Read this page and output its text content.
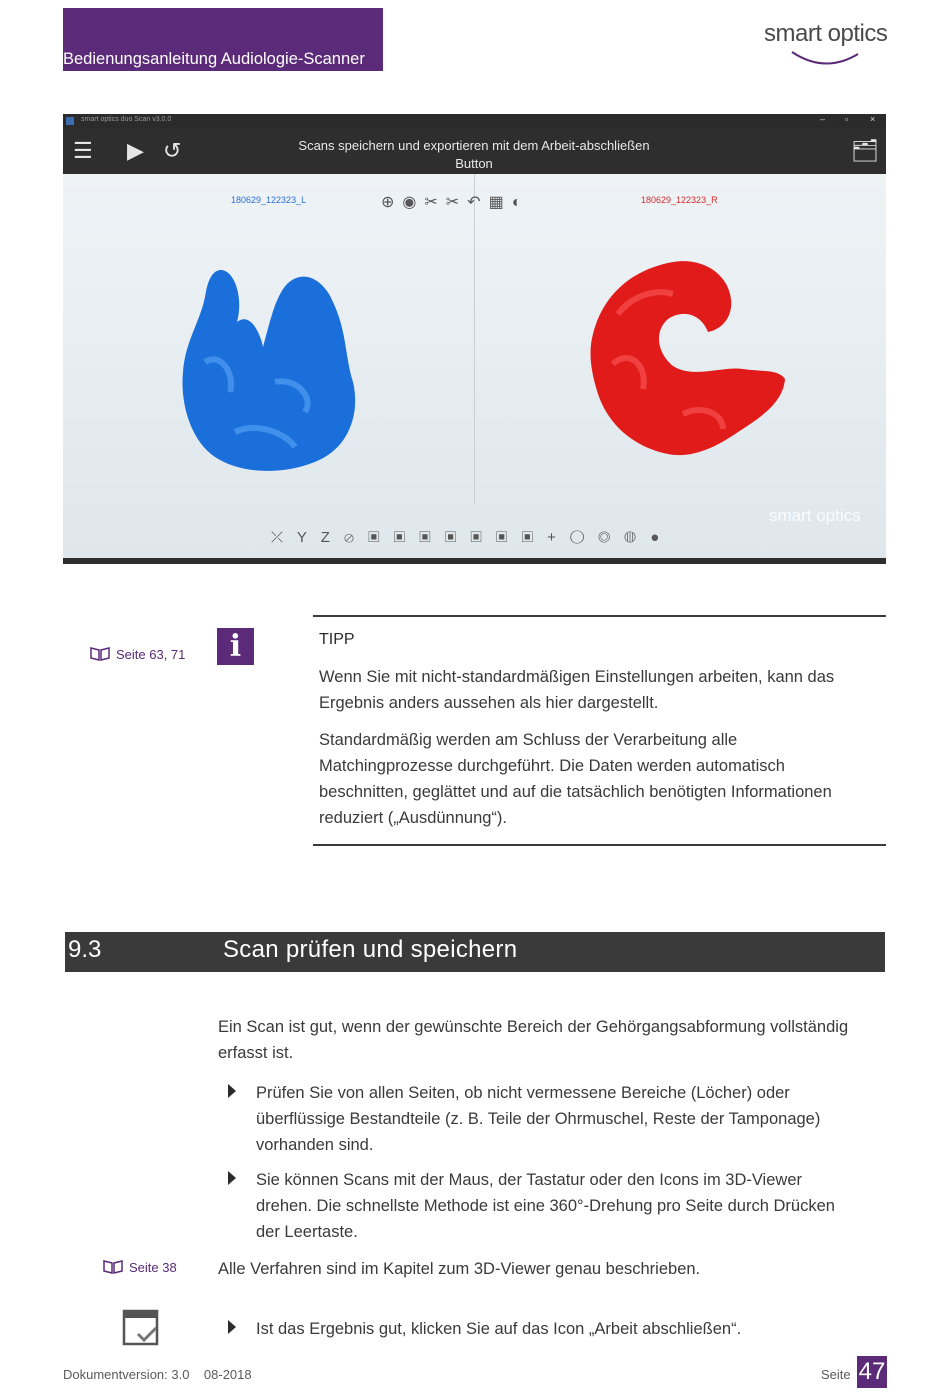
Bedienungsanleitung Audiologie-Scanner
smart optics
smart optics duo Scan v3.0.0	– ▫ ×
☰ ▶ ↺	🗂
Scans speichern und exportieren mit dem Arbeit-abschließen
Button
180629_122323_L	180629_122323_R
⊕◉✂✂↶▦◐
smart optics
⤫ Y Z ⊘ ▣ ▣ ▣ ▣ ▣ ▣ ▣ + ◯ ◎ ◍ ●
Seite 63, 71	i	TIPP
Wenn Sie mit nicht-standardmäßigen Einstellungen arbeiten, kann das
Ergebnis anders aussehen als hier dargestellt.
Standardmäßig werden am Schluss der Verarbeitung alle
Matchingprozesse durchgeführt. Die Daten werden automatisch
beschnitten, geglättet und auf die tatsächlich benötigten Informationen
reduziert („Ausdünnung“).
9.3	Scan prüfen und speichern
Ein Scan ist gut, wenn der gewünschte Bereich der Gehörgangsabformung vollständig
erfasst ist.
Prüfen Sie von allen Seiten, ob nicht vermessene Bereiche (Löcher) oder
überflüssige Bestandteile (z. B. Teile der Ohrmuschel, Reste der Tamponage)
vorhanden sind.
Sie können Scans mit der Maus, der Tastatur oder den Icons im 3D-Viewer
drehen. Die schnellste Methode ist eine 360°-Drehung pro Seite durch Drücken
der Leertaste.
Seite 38	Alle Verfahren sind im Kapitel zum 3D-Viewer genau beschrieben.
Ist das Ergebnis gut, klicken Sie auf das Icon „Arbeit abschließen“.
Dokumentversion: 3.0 08-2018	Seite 47
